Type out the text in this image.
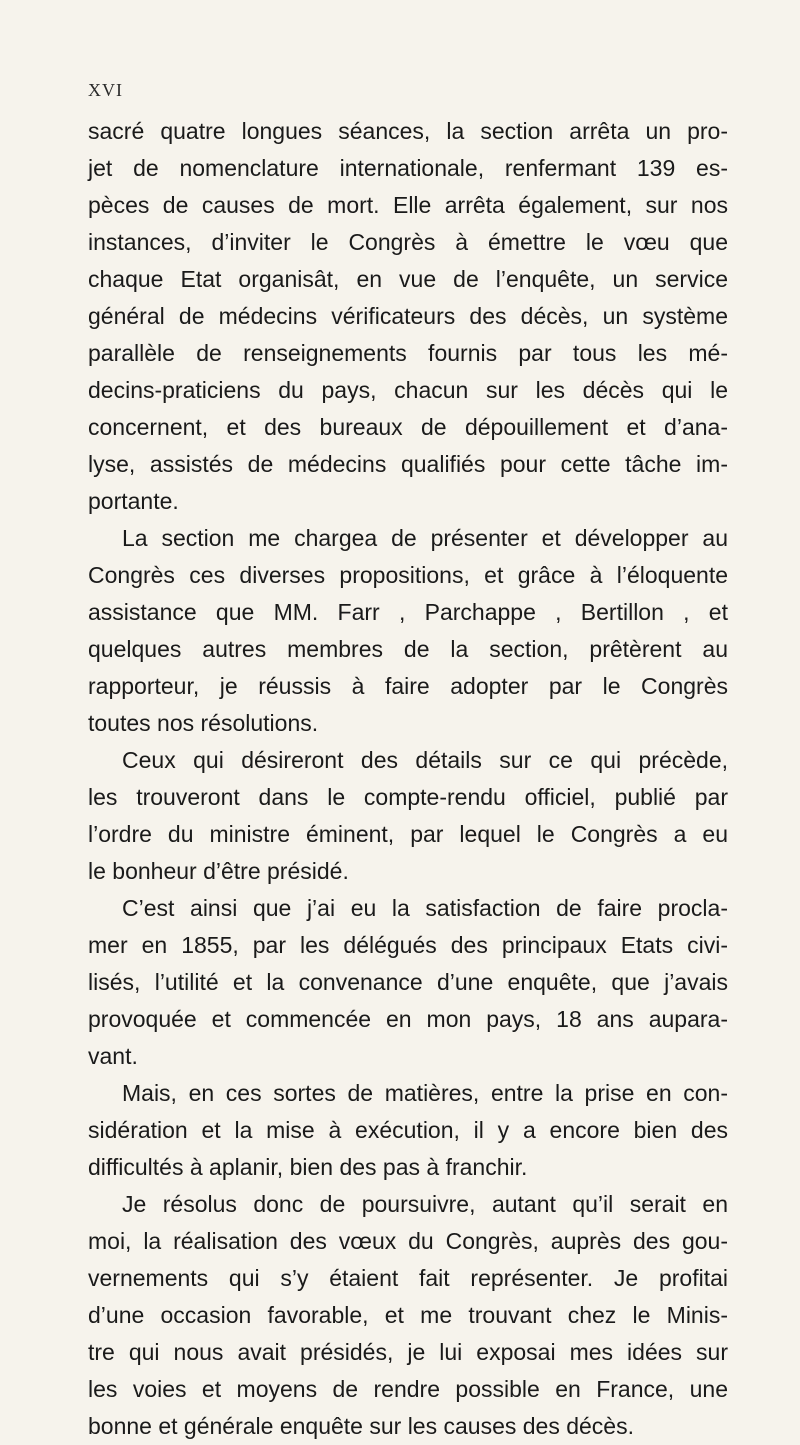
XVI
sacré quatre longues séances, la section arrêta un pro-
jet de nomenclature internationale, renfermant 139 es-
pèces de causes de mort. Elle arrêta également, sur nos
instances, d’inviter le Congrès à émettre le vœu que
chaque Etat organisât, en vue de l’enquête, un service
général de médecins vérificateurs des décès, un système
parallèle de renseignements fournis par tous les mé-
decins-praticiens du pays, chacun sur les décès qui le
concernent, et des bureaux de dépouillement et d’ana-
lyse, assistés de médecins qualifiés pour cette tâche im-
portante.
La section me chargea de présenter et développer au
Congrès ces diverses propositions, et grâce à l’éloquente
assistance que MM. Farr , Parchappe , Bertillon , et
quelques autres membres de la section, prêtèrent au
rapporteur, je réussis à faire adopter par le Congrès
toutes nos résolutions.
Ceux qui désireront des détails sur ce qui précède,
les trouveront dans le compte-rendu officiel, publié par
l’ordre du ministre éminent, par lequel le Congrès a eu
le bonheur d’être présidé.
C’est ainsi que j’ai eu la satisfaction de faire procla-
mer en 1855, par les délégués des principaux Etats civi-
lisés, l’utilité et la convenance d’une enquête, que j’avais
provoquée et commencée en mon pays, 18 ans aupara-
vant.
Mais, en ces sortes de matières, entre la prise en con-
sidération et la mise à exécution, il y a encore bien des
difficultés à aplanir, bien des pas à franchir.
Je résolus donc de poursuivre, autant qu’il serait en
moi, la réalisation des vœux du Congrès, auprès des gou-
vernements qui s’y étaient fait représenter. Je profitai
d’une occasion favorable, et me trouvant chez le Minis-
tre qui nous avait présidés, je lui exposai mes idées sur
les voies et moyens de rendre possible en France, une
bonne et générale enquête sur les causes des décès.
